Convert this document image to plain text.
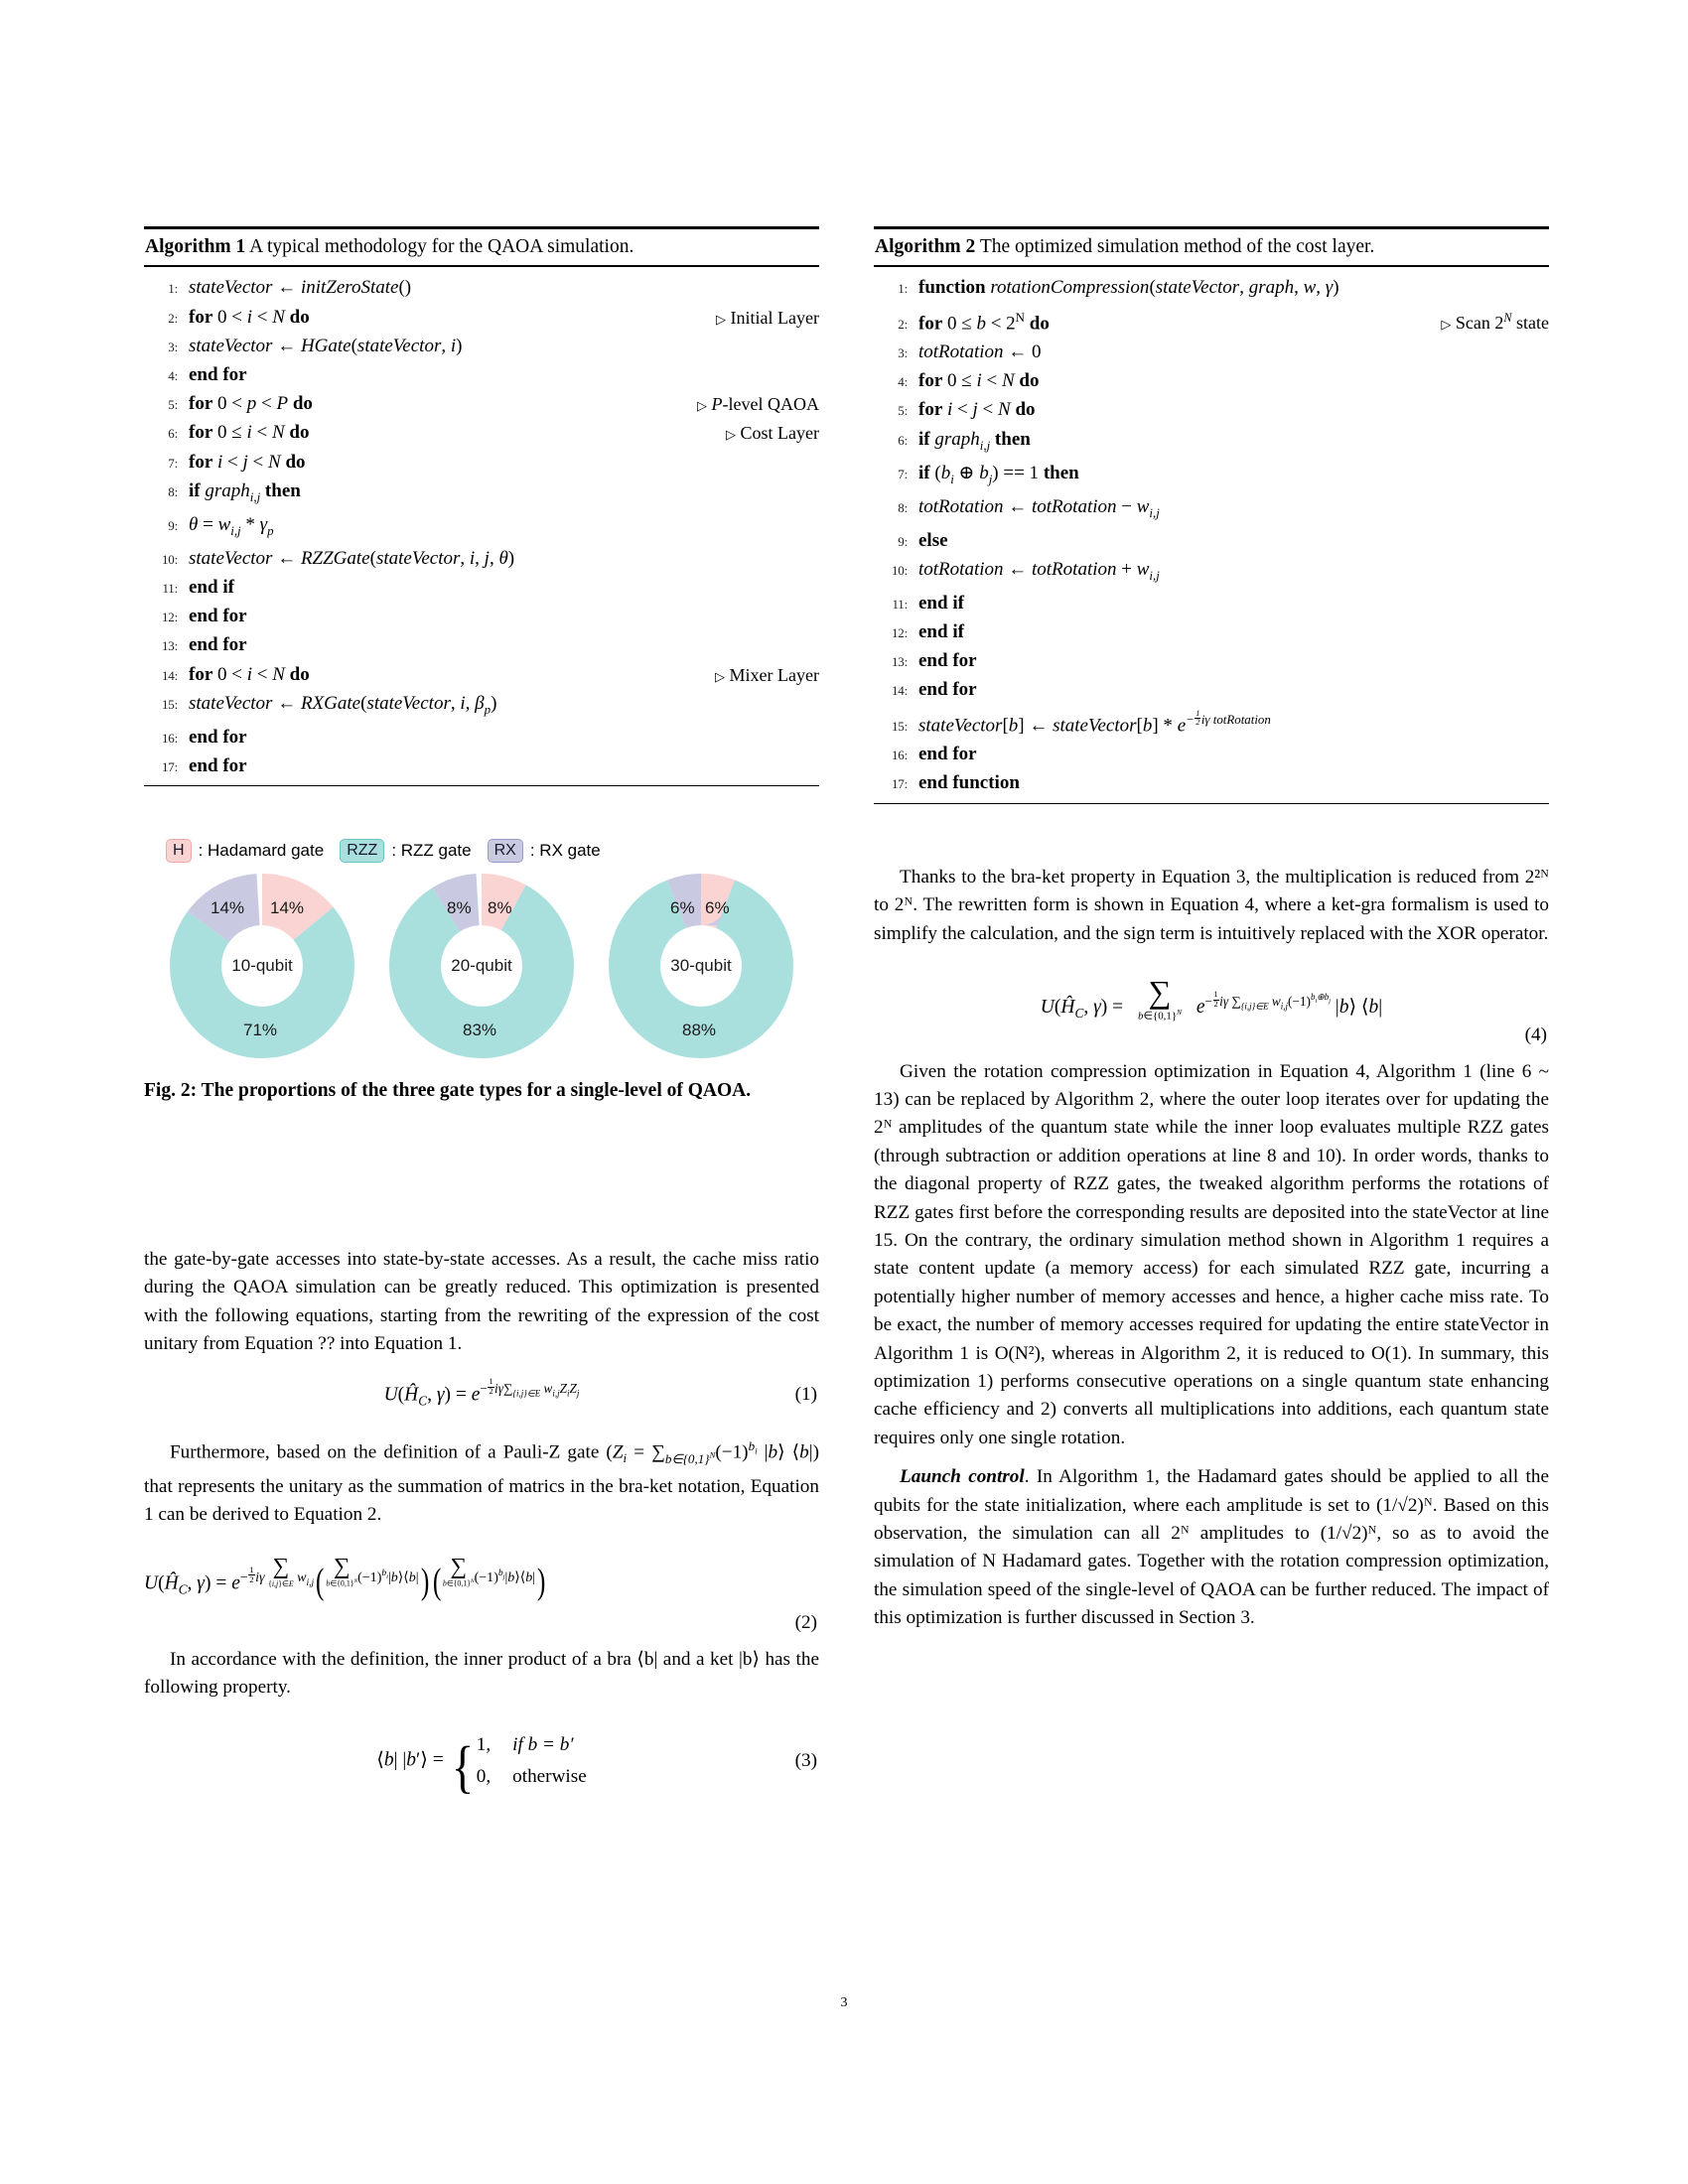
Algorithm 1 A typical methodology for the QAOA simulation.
1 : stateVector ← initZeroState()
2 : for 0 < i < N do	▷ Initial Layer
3 : stateVector ← HGate(stateVector, i)
4 : end for
5 : for 0 < p < P do	▷ P-level QAOA
6 : for 0 ≤ i < N do	▷ Cost Layer
7 : for i < j < N do
8 : if graph$_{i,j}$ then
9 : $\theta = w_{i,j} * \gamma_p$
10 : stateVector ← RZZGate(stateVector, i, j, θ)
11 : end if
12 : end for
13 : end for
14 : for 0 < i < N do	▷ Mixer Layer
15 : stateVector ← RXGate(stateVector, i, $\beta_p$)
16 : end for
17 : end for
Algorithm 2 The optimized simulation method of the cost layer.
1 : function rotationCompression(stateVector, graph, w, γ)
2 : for $0 \le b < 2^N$ do	▷ Scan $2^N$ state
3 : totRotation ← 0
4 : for 0 ≤ i < N do
5 : for i < j < N do
6 : if graph$_{i,j}$ then
7 : if ($b_i$ ⊕ $b_j) == 1$ then
8 : totRotation ← totRotation − $w_{i,j}$
9 : else
10 : totRotation ← totRotation + $w_{i,j}$
11 : end if
12 : end if
13 : end for
14 : end for
15 : stateVector[b] ← stateVector[b] * $e^{- \frac{1}{2} i\gamma totRotation}$
16 : end for
17 : end function
H : Hadamard gate	RZZ : RZZ gate	RX : RX gate
10-qubit
14%
71%
14%
20-qubit
8%
83%
8%
30-qubit
6%
88%
6%
Fig. 2: The proportions of the three gate types for a single-level of QAOA.

the gate-by-gate accesses into state-by-state accesses. As a result, the cache miss ratio during the QAOA simulation can be greatly reduced. This optimization is presented with the following equations, starting from the rewriting of the expression of the cost unitary from Equation ?? into Equation 1.

$U(Ĥ_C$, $\gamma) = e^{- \frac{1}{2} i\gamma\sum_{\{i,j\}\in E} w_{i,j}Z_iZ_j}$	(1)

Furthermore, based on the definition of a Pauli-Z gate ($Z_i = \sum_{b\in\{0,1\}^N}(-1)^{b_i}$ |b⟩ ⟨b|) that represents the unitary as the summation of matrics in the bra-ket notation, Equation 1 can be derived to Equation 2.

$U(Ĥ_C$, $\gamma) = e^{- \frac{1}{2} i\gamma \sum \{i,j\}\in E w_{i,j}( \sum b\in\{0,1\}^N (-1)^{b_i}|b⟩⟨b|)( \sum b\in\{0,1\}^N (-1)^{b_j}|b⟩⟨b|)}$
(2)

In accordance with the definition, the inner product of a bra ⟨b| and a ket |b⟩ has the following property.

⟨b| |b′⟩ = { 1, if b = b′
0, otherwise
(3)

Thanks to the bra-ket property in Equation 3, the multiplication is reduced from 2²ᴺ to 2ᴺ. The rewritten form is shown in Equation 4, where a ket-gra formalism is used to simplify the calculation, and the sign term is intuitively replaced with the XOR operator.

$U(Ĥ_C$, γ) = ∑
$b\in\{0,1\}^N$ $e^{- \frac{1}{2} i\gamma \sum_{\{i,j\}\in E} w_{i,j}(-1)^{b_i\oplus b_j}}$ |b⟩ ⟨b|
(4)

Given the rotation compression optimization in Equation 4, Algorithm 1 (line 6 ~ 13) can be replaced by Algorithm 2, where the outer loop iterates over for updating the 2ᴺ amplitudes of the quantum state while the inner loop evaluates multiple RZZ gates (through subtraction or addition operations at line 8 and 10). In order words, thanks to the diagonal property of RZZ gates, the tweaked algorithm performs the rotations of RZZ gates first before the corresponding results are deposited into the stateVector at line 15. On the contrary, the ordinary simulation method shown in Algorithm 1 requires a state content update (a memory access) for each simulated RZZ gate, incurring a potentially higher number of memory accesses and hence, a higher cache miss rate. To be exact, the number of memory accesses required for updating the entire stateVector in Algorithm 1 is O(N²), whereas in Algorithm 2, it is reduced to O(1). In summary, this optimization 1) performs consecutive operations on a single quantum state enhancing cache efficiency and 2) converts all multiplications into additions, each quantum state requires only one single rotation.

Launch control. In Algorithm 1, the Hadamard gates should be applied to all the qubits for the state initialization, where each amplitude is set to (1/√2)ᴺ. Based on this observation, the simulation can all 2ᴺ amplitudes to (1/√2)ᴺ, so as to avoid the simulation of N Hadamard gates. Together with the rotation compression optimization, the simulation speed of the single-level of QAOA can be further reduced. The impact of this optimization is further discussed in Section 3.

3
